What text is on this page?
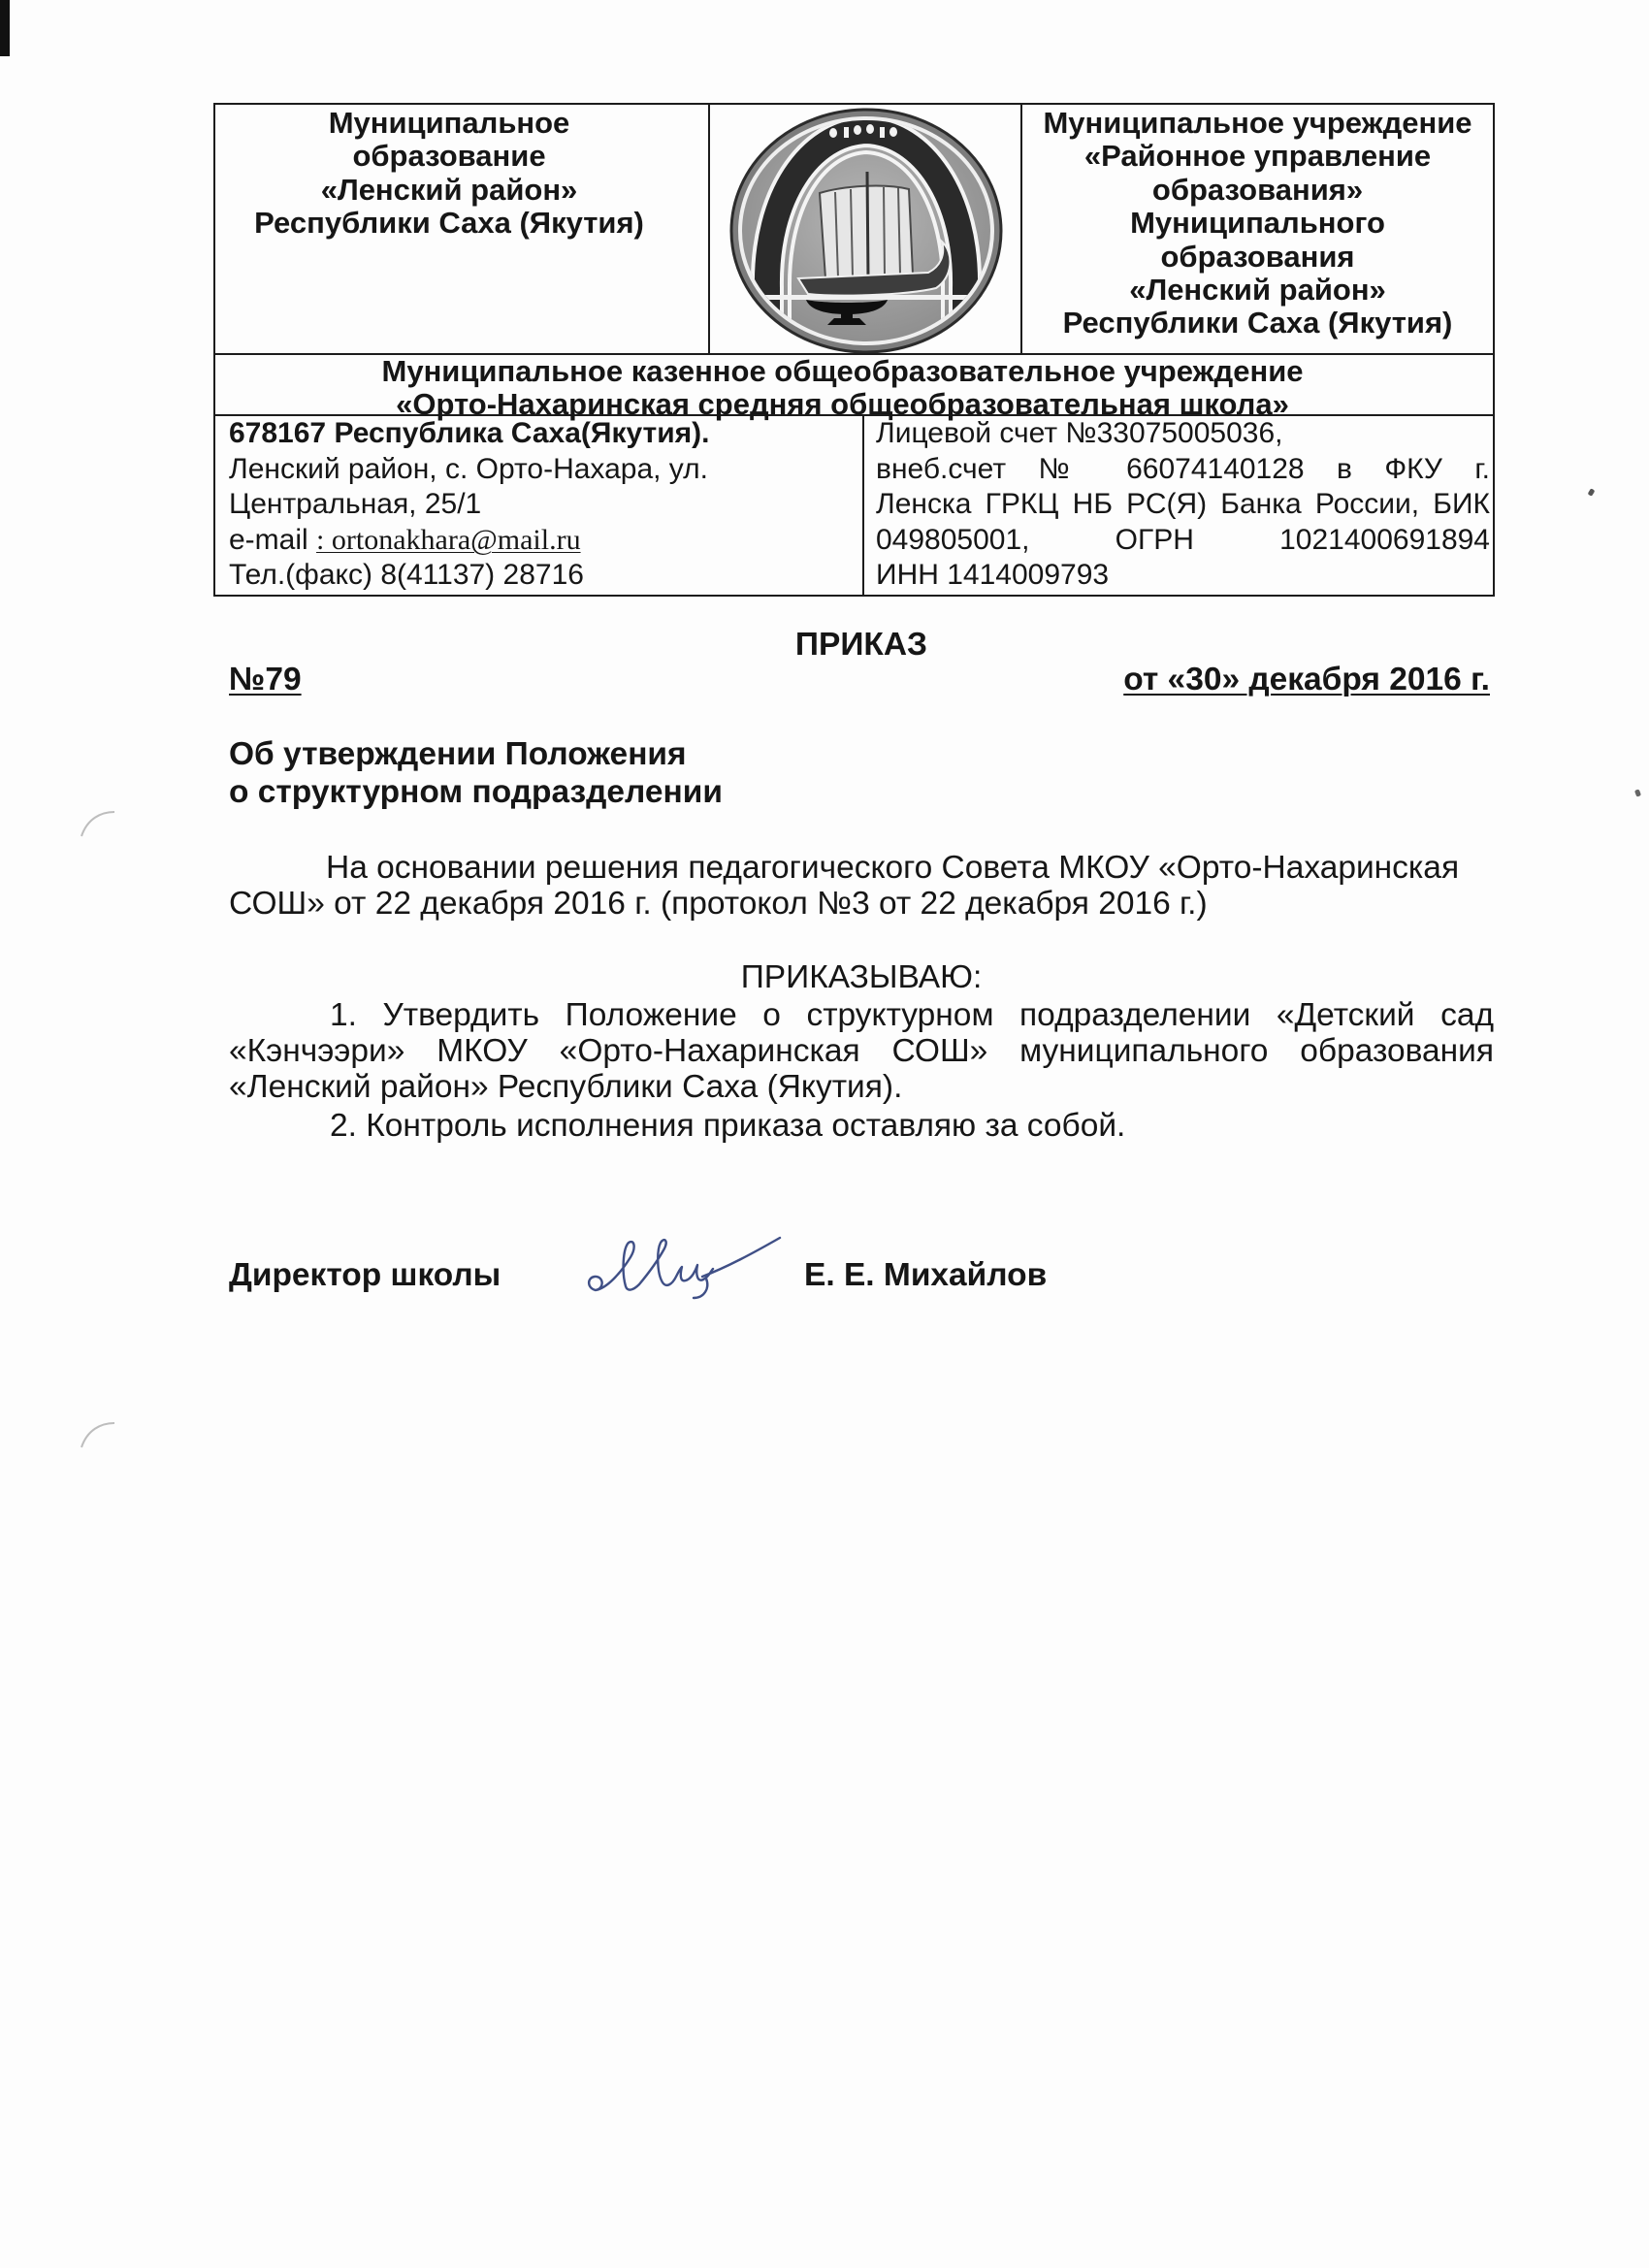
Муниципальное
образование
«Ленский район»
Республики Саха (Якутия)
Муниципальное учреждение
«Районное управление
образования»
Муниципального
образования
«Ленский район»
Республики Саха (Якутия)
Муниципальное казенное общеобразовательное учреждение
«Орто-Нахаринская средняя общеобразовательная школа»
678167 Республика Саха(Якутия).
Ленский район, с. Орто-Нахара, ул.
Центральная, 25/1
e-mail : ortonakhara@mail.ru
Тел.(факс) 8(41137) 28716
Лицевой счет №33075005036,
внеб.счет № 66074140128 в ФКУ г.
Ленска ГРКЦ НБ РС(Я) Банка России, БИК
049805001, ОГРН 1021400691894
ИНН 1414009793
ПРИКАЗ
№79	от «30» декабря 2016 г.
Об утверждении Положения
о структурном подразделении
На основании решения педагогического Совета МКОУ «Орто-Нахаринская
СОШ» от 22 декабря 2016 г. (протокол №3 от 22 декабря 2016 г.)
ПРИКАЗЫВАЮ:
1. Утвердить Положение о структурном подразделении «Детский сад
«Кэнчээри» МКОУ «Орто-Нахаринская СОШ» муниципального образования
«Ленский район» Республики Саха (Якутия).
2. Контроль исполнения приказа оставляю за собой.
Директор школы	Е. Е. Михайлов
